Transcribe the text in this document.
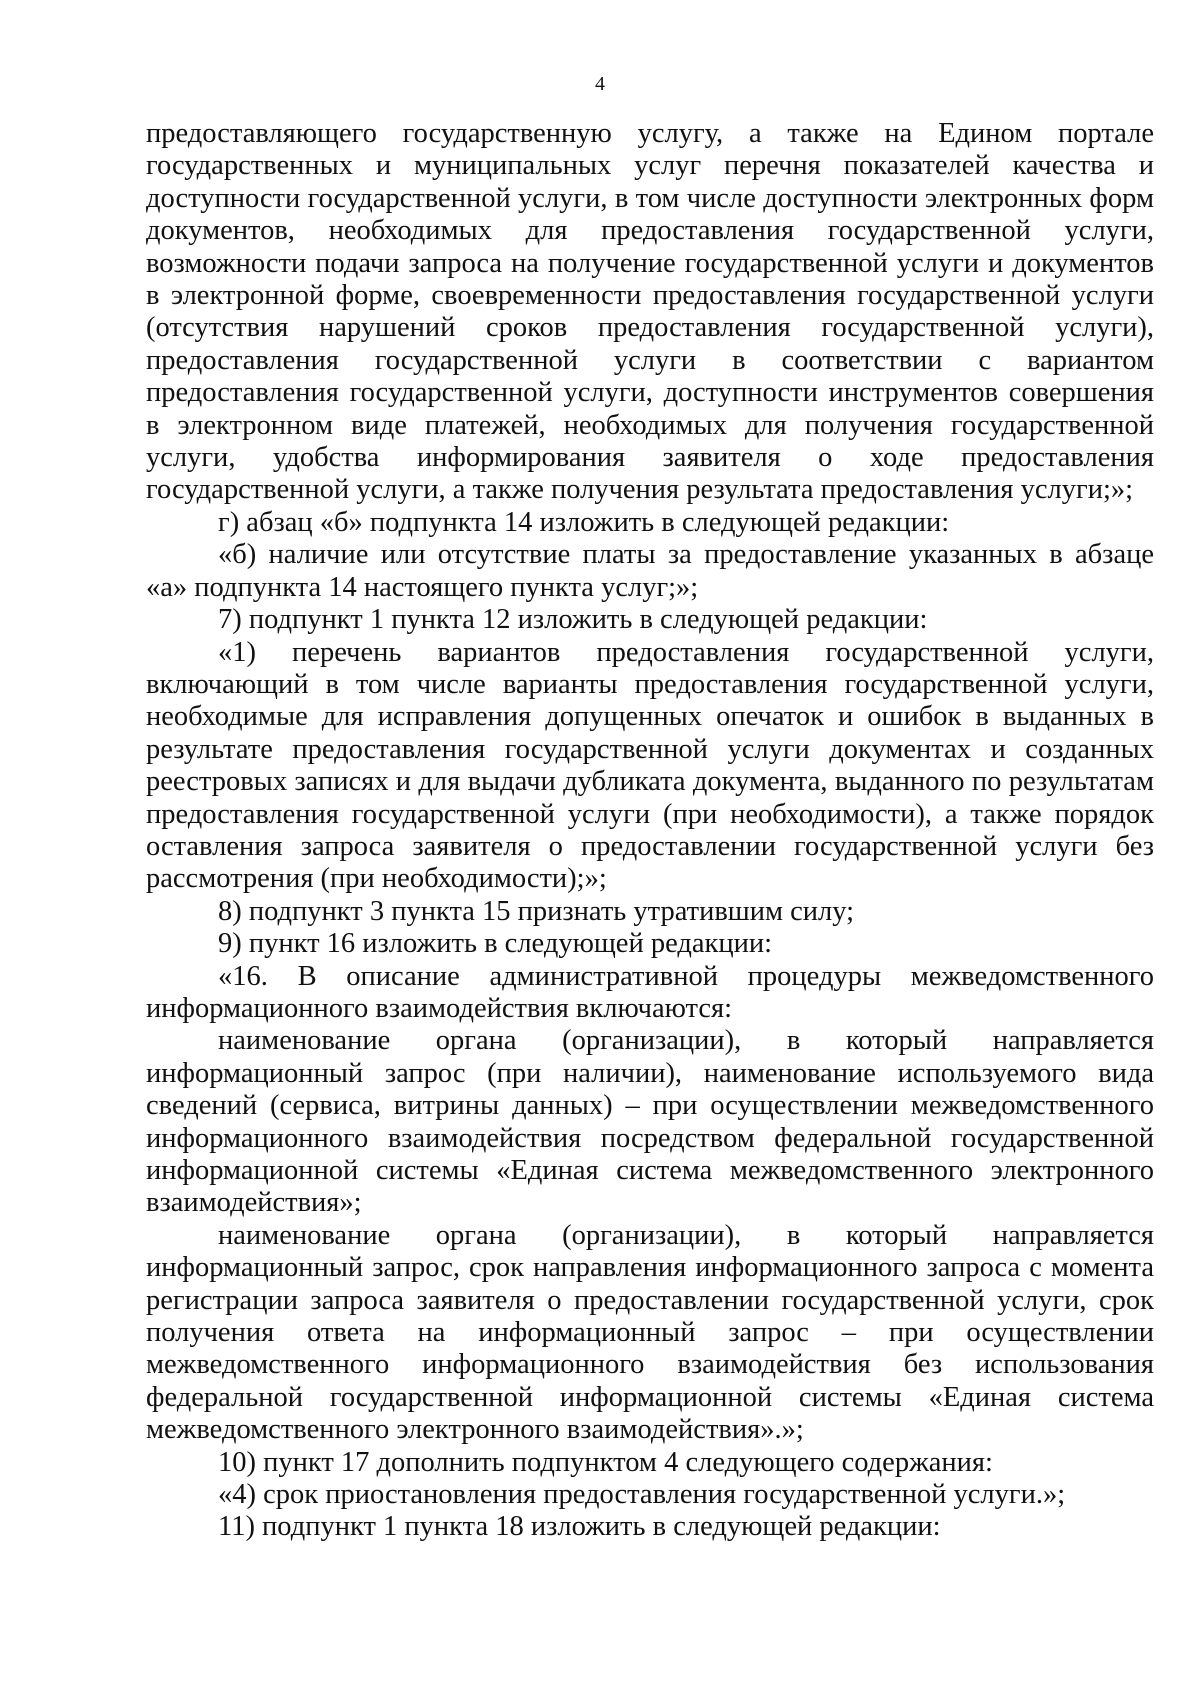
4

предоставляющего государственную услугу, а также на Едином портале государственных и муниципальных услуг перечня показателей качества и доступности государственной услуги, в том числе доступности электронных форм документов, необходимых для предоставления государственной услуги, возможности подачи запроса на получение государственной услуги и документов в электронной форме, своевременности предоставления государственной услуги (отсутствия нарушений сроков предоставления государственной услуги), предоставления государственной услуги в соответствии с вариантом предоставления государственной услуги, доступности инструментов совершения в электронном виде платежей, необходимых для получения государственной услуги, удобства информирования заявителя о ходе предоставления государственной услуги, а также получения результата предоставления услуги;»;

г) абзац «б» подпункта 14 изложить в следующей редакции:

«б) наличие или отсутствие платы за предоставление указанных в абзаце «а» подпункта 14 настоящего пункта услуг;»;

7) подпункт 1 пункта 12 изложить в следующей редакции:

«1) перечень вариантов предоставления государственной услуги, включающий в том числе варианты предоставления государственной услуги, необходимые для исправления допущенных опечаток и ошибок в выданных в результате предоставления государственной услуги документах и созданных реестровых записях и для выдачи дубликата документа, выданного по результатам предоставления государственной услуги (при необходимости), а также порядок оставления запроса заявителя о предоставлении государственной услуги без рассмотрения (при необходимости);»;

8) подпункт 3 пункта 15 признать утратившим силу;

9) пункт 16 изложить в следующей редакции:

«16. В описание административной процедуры межведомственного информационного взаимодействия включаются:

наименование органа (организации), в который направляется информационный запрос (при наличии), наименование используемого вида сведений (сервиса, витрины данных) – при осуществлении межведомственного информационного взаимодействия посредством федеральной государственной информационной системы «Единая система межведомственного электронного взаимодействия»;

наименование органа (организации), в который направляется информационный запрос, срок направления информационного запроса с момента регистрации запроса заявителя о предоставлении государственной услуги, срок получения ответа на информационный запрос – при осуществлении межведомственного информационного взаимодействия без использования федеральной государственной информационной системы «Единая система межведомственного электронного взаимодействия».»;

10) пункт 17 дополнить подпунктом 4 следующего содержания:

«4) срок приостановления предоставления государственной услуги.»;

11) подпункт 1 пункта 18 изложить в следующей редакции:
